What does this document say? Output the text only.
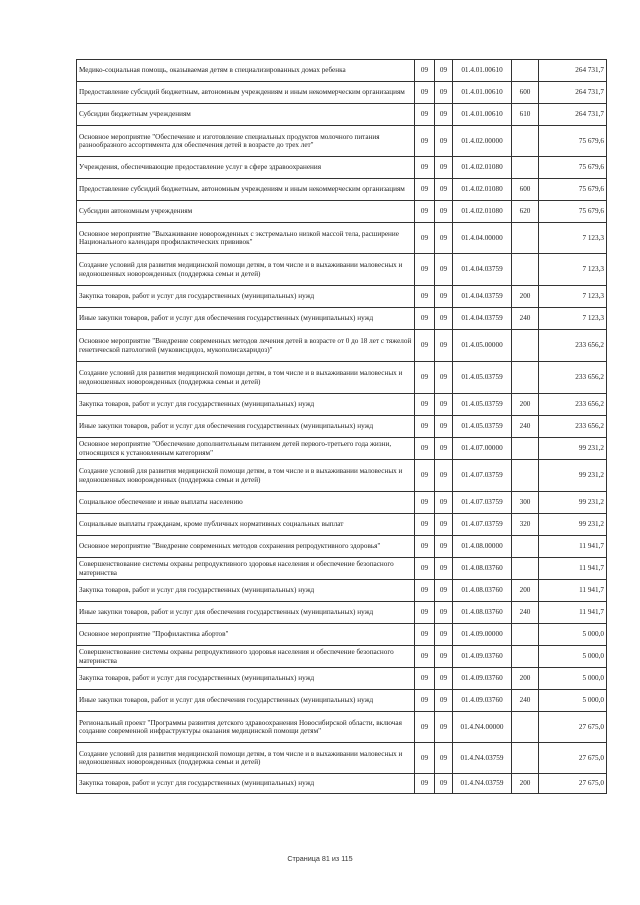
Медико-социальная помощь, оказываемая детям в специализированных домах ребенка	09	09	01.4.01.00610		264 731,7
Предоставление субсидий бюджетным, автономным учреждениям и иным некоммерческим организациям	09	09	01.4.01.00610	600	264 731,7
Субсидии бюджетным учреждениям	09	09	01.4.01.00610	610	264 731,7
Основное мероприятие "Обеспечение и изготовление специальных продуктов молочного питания разнообразного ассортимента для обеспечения детей в возрасте до трех лет"	09	09	01.4.02.00000		75 679,6
Учреждения, обеспечивающие предоставление услуг в сфере здравоохранения	09	09	01.4.02.01080		75 679,6
Предоставление субсидий бюджетным, автономным учреждениям и иным некоммерческим организациям	09	09	01.4.02.01080	600	75 679,6
Субсидии автономным учреждениям	09	09	01.4.02.01080	620	75 679,6
Основное мероприятие "Выхаживание новорожденных с экстремально низкой массой тела, расширение Национального календаря профилактических прививок"	09	09	01.4.04.00000		7 123,3
Создание условий для развития медицинской помощи детям, в том числе и в выхаживании маловесных и недоношенных новорожденных (поддержка семьи и детей)	09	09	01.4.04.03759		7 123,3
Закупка товаров, работ и услуг для государственных (муниципальных) нужд	09	09	01.4.04.03759	200	7 123,3
Иные закупки товаров, работ и услуг для обеспечения государственных (муниципальных) нужд	09	09	01.4.04.03759	240	7 123,3
Основное мероприятие "Внедрение современных методов лечения детей в возрасте от 0 до 18 лет с тяжелой генетической патологией (муковисцидоз, мукополисахаридоз)"	09	09	01.4.05.00000		233 656,2
Создание условий для развития медицинской помощи детям, в том числе и в выхаживании маловесных и недоношенных новорожденных (поддержка семьи и детей)	09	09	01.4.05.03759		233 656,2
Закупка товаров, работ и услуг для государственных (муниципальных) нужд	09	09	01.4.05.03759	200	233 656,2
Иные закупки товаров, работ и услуг для обеспечения государственных (муниципальных) нужд	09	09	01.4.05.03759	240	233 656,2
Основное мероприятие "Обеспечение дополнительным питанием детей первого-третьего года жизни, относящихся к установленным категориям"	09	09	01.4.07.00000		99 231,2
Создание условий для развития медицинской помощи детям, в том числе и в выхаживании маловесных и недоношенных новорожденных (поддержка семьи и детей)	09	09	01.4.07.03759		99 231,2
Социальное обеспечение и иные выплаты населению	09	09	01.4.07.03759	300	99 231,2
Социальные выплаты гражданам, кроме публичных нормативных социальных выплат	09	09	01.4.07.03759	320	99 231,2
Основное мероприятие "Внедрение современных методов сохранения репродуктивного здоровья"	09	09	01.4.08.00000		11 941,7
Совершенствование системы охраны репродуктивного здоровья населения и обеспечение безопасного материнства	09	09	01.4.08.03760		11 941,7
Закупка товаров, работ и услуг для государственных (муниципальных) нужд	09	09	01.4.08.03760	200	11 941,7
Иные закупки товаров, работ и услуг для обеспечения государственных (муниципальных) нужд	09	09	01.4.08.03760	240	11 941,7
Основное мероприятие "Профилактика абортов"	09	09	01.4.09.00000		5 000,0
Совершенствование системы охраны репродуктивного здоровья населения и обеспечение безопасного материнства	09	09	01.4.09.03760		5 000,0
Закупка товаров, работ и услуг для государственных (муниципальных) нужд	09	09	01.4.09.03760	200	5 000,0
Иные закупки товаров, работ и услуг для обеспечения государственных (муниципальных) нужд	09	09	01.4.09.03760	240	5 000,0
Региональный проект "Программы развития детского здравоохранения Новосибирской области, включая создание современной инфраструктуры оказания медицинской помощи детям"	09	09	01.4.N4.00000		27 675,0
Создание условий для развития медицинской помощи детям, в том числе и в выхаживании маловесных и недоношенных новорожденных (поддержка семьи и детей)	09	09	01.4.N4.03759		27 675,0
Закупка товаров, работ и услуг для государственных (муниципальных) нужд	09	09	01.4.N4.03759	200	27 675,0
Страница 81 из 115
